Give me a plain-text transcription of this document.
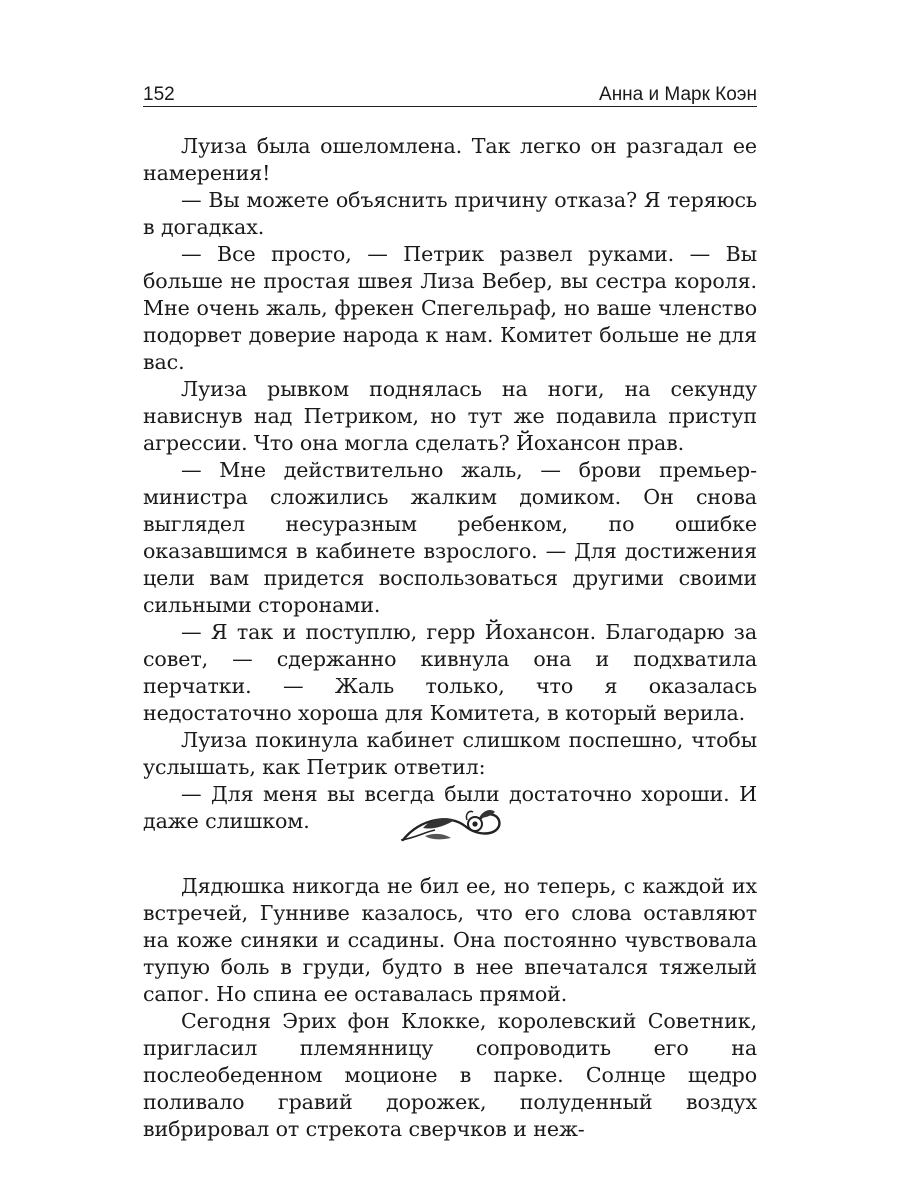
152	Анна и Марк Коэн

Луиза была ошеломлена. Так легко он разгадал ее намерения!

— Вы можете объяснить причину отказа? Я теряюсь в догадках.

— Все просто, — Петрик развел руками. — Вы больше не простая швея Лиза Вебер, вы сестра короля. Мне очень жаль, фрекен Спегельраф, но ваше членство подорвет доверие народа к нам. Комитет больше не для вас.

Луиза рывком поднялась на ноги, на секунду нависнув над Петриком, но тут же подавила приступ агрессии. Что она могла сделать? Йохансон прав.

— Мне действительно жаль, — брови премьер-министра сложились жалким домиком. Он снова выглядел несуразным ребенком, по ошибке оказавшимся в кабинете взрослого. — Для достижения цели вам придется воспользоваться другими своими сильными сторонами.

— Я так и поступлю, герр Йохансон. Благодарю за совет, — сдержанно кивнула она и подхватила перчатки. — Жаль только, что я оказалась недостаточно хороша для Комитета, в который верила.

Луиза покинула кабинет слишком поспешно, чтобы услышать, как Петрик ответил:

— Для меня вы всегда были достаточно хороши. И даже слишком.

Дядюшка никогда не бил ее, но теперь, с каждой их встречей, Гунниве казалось, что его слова оставляют на коже синяки и ссадины. Она постоянно чувствовала тупую боль в груди, будто в нее впечатался тяжелый сапог. Но спина ее оставалась прямой.

Сегодня Эрих фон Клокке, королевский Советник, пригласил племянницу сопроводить его на послеобеденном моционе в парке. Солнце щедро поливало гравий дорожек, полуденный воздух вибрировал от стрекота сверчков и неж-
